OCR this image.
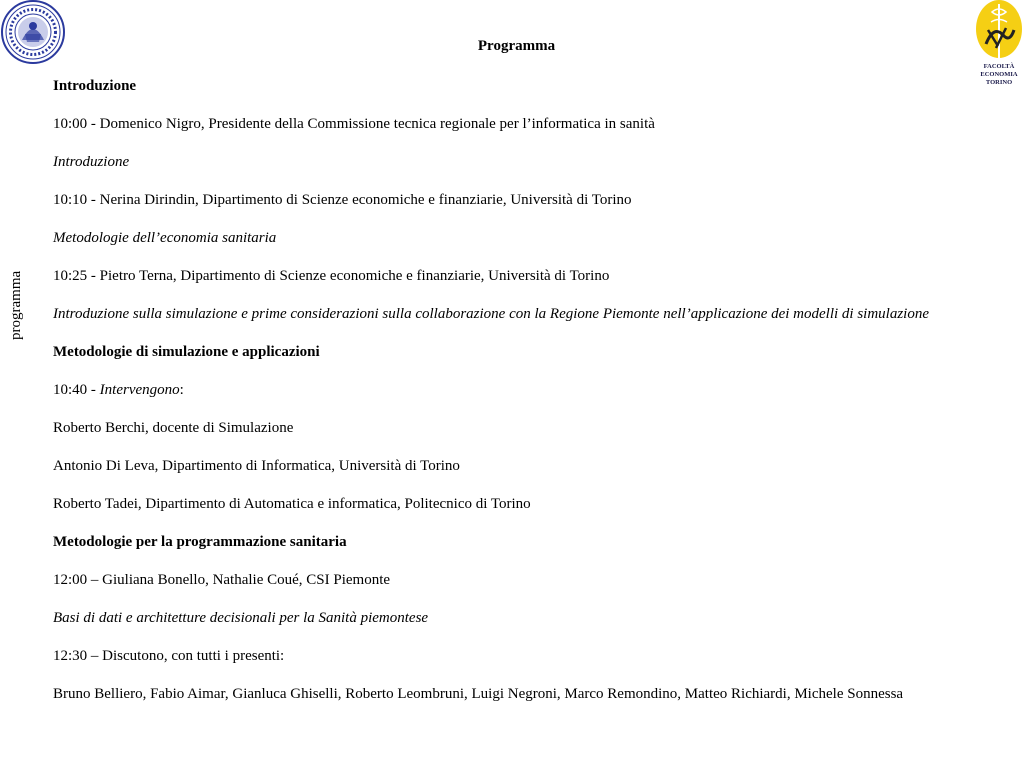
FACOLTÀ
ECONOMIA
TORINO
programma
Programma

Introduzione

10:00 - Domenico Nigro, Presidente della Commissione tecnica regionale per l’informatica in sanità

Introduzione

10:10 - Nerina Dirindin, Dipartimento di Scienze economiche e finanziarie, Università di Torino

Metodologie dell’economia sanitaria

10:25 - Pietro Terna, Dipartimento di Scienze economiche e finanziarie, Università di Torino

Introduzione sulla simulazione e prime considerazioni sulla collaborazione con la Regione Piemonte nell’applicazione dei modelli di simulazione

Metodologie di simulazione e applicazioni

10:40 - Intervengono:

Roberto Berchi, docente di Simulazione

Antonio Di Leva, Dipartimento di Informatica, Università di Torino

Roberto Tadei, Dipartimento di Automatica e informatica, Politecnico di Torino

Metodologie per la programmazione sanitaria

12:00 – Giuliana Bonello, Nathalie Coué, CSI Piemonte

Basi di dati e architetture decisionali per la Sanità piemontese

12:30 – Discutono, con tutti i presenti:

Bruno Belliero, Fabio Aimar, Gianluca Ghiselli, Roberto Leombruni, Luigi Negroni, Marco Remondino, Matteo Richiardi, Michele Sonnessa
